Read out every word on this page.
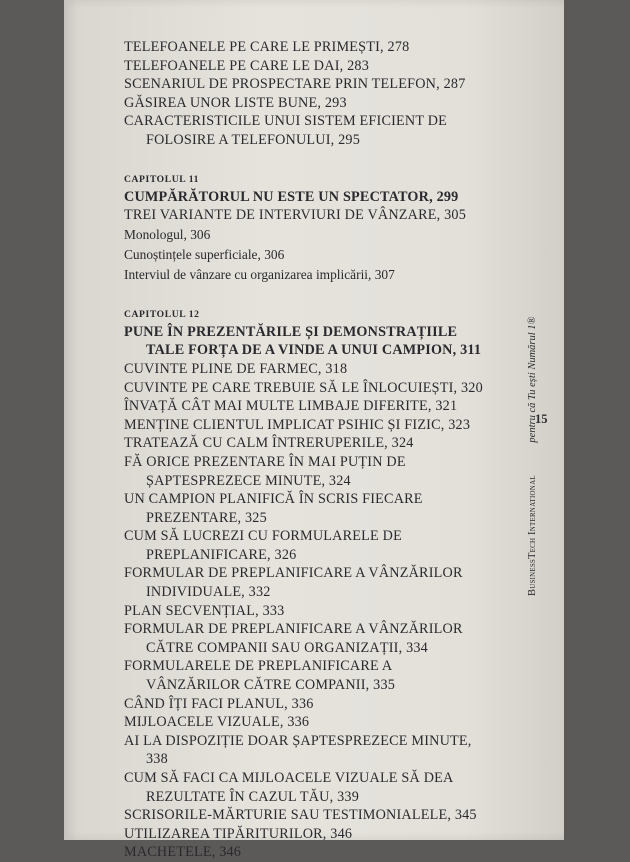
TELEFOANELE PE CARE LE PRIMEȘTI, 278
TELEFOANELE PE CARE LE DAI, 283
SCENARIUL DE PROSPECTARE PRIN TELEFON, 287
GĂSIREA UNOR LISTE BUNE, 293
CARACTERISTICILE UNUI SISTEM EFICIENT DE FOLOSIRE A TELEFONULUI, 295
CAPITOLUL 11
CUMPĂRĂTORUL NU ESTE UN SPECTATOR, 299
TREI VARIANTE DE INTERVIURI DE VÂNZARE, 305
Monologul, 306
Cunoștințele superficiale, 306
Interviul de vânzare cu organizarea implicării, 307
CAPITOLUL 12
PUNE ÎN PREZENTĂRILE ȘI DEMONSTRAȚIILE TALE FORȚA DE A VINDE A UNUI CAMPION, 311
CUVINTE PLINE DE FARMEC, 318
CUVINTE PE CARE TREBUIE SĂ LE ÎNLOCUIEȘTI, 320
ÎNVAȚĂ CÂT MAI MULTE LIMBAJE DIFERITE, 321
MENȚINE CLIENTUL IMPLICAT PSIHIC ȘI FIZIC, 323
TRATEAZĂ CU CALM ÎNTRERUPERILE, 324
FĂ ORICE PREZENTARE ÎN MAI PUȚIN DE ȘAPTESPREZECE MINUTE, 324
UN CAMPION PLANIFICĂ ÎN SCRIS FIECARE PREZENTARE, 325
CUM SĂ LUCREZI CU FORMULARELE DE PREPLANIFICARE, 326
FORMULAR DE PREPLANIFICARE A VÂNZĂRILOR INDIVIDUALE, 332
PLAN SECVENȚIAL, 333
FORMULAR DE PREPLANIFICARE A VÂNZĂRILOR CĂTRE COMPANII SAU ORGANIZAȚII, 334
FORMULARELE DE PREPLANIFICARE A VÂNZĂRILOR CĂTRE COMPANII, 335
CÂND ÎȚI FACI PLANUL, 336
MIJLOACELE VIZUALE, 336
AI LA DISPOZIȚIE DOAR ȘAPTESPREZECE MINUTE, 338
CUM SĂ FACI CA MIJLOACELE VIZUALE SĂ DEA REZULTATE ÎN CAZUL TĂU, 339
SCRISORILE-MĂRTURIE SAU TESTIMONIALELE, 345
UTILIZAREA TIPĂRITURILOR, 346
MACHETELE, 346
BusinessTech International pentru că Tu ești Numărul 1®
15
